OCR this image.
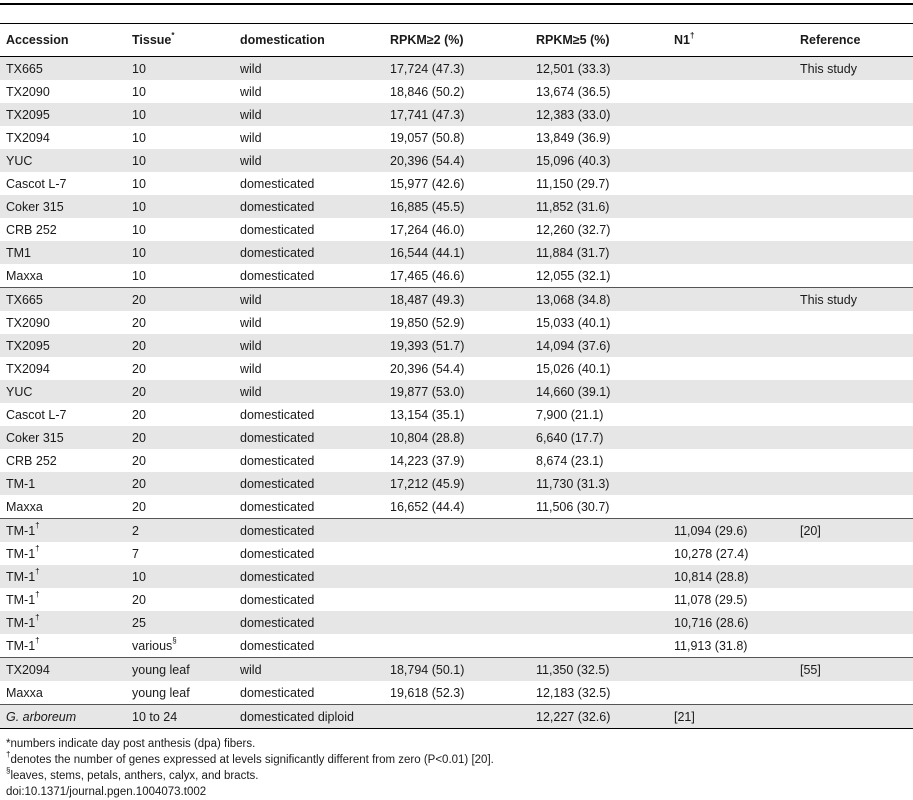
Accession	Tissue*	domestication	RPKM≥2 (%)	RPKM≥5 (%)	N1†	Reference
TX665	10	wild	17,724 (47.3)	12,501 (33.3)		This study
TX2090	10	wild	18,846 (50.2)	13,674 (36.5)		
TX2095	10	wild	17,741 (47.3)	12,383 (33.0)		
TX2094	10	wild	19,057 (50.8)	13,849 (36.9)		
YUC	10	wild	20,396 (54.4)	15,096 (40.3)		
Cascot L-7	10	domesticated	15,977 (42.6)	11,150 (29.7)		
Coker 315	10	domesticated	16,885 (45.5)	11,852 (31.6)		
CRB 252	10	domesticated	17,264 (46.0)	12,260 (32.7)		
TM1	10	domesticated	16,544 (44.1)	11,884 (31.7)		
Maxxa	10	domesticated	17,465 (46.6)	12,055 (32.1)		
TX665	20	wild	18,487 (49.3)	13,068 (34.8)		This study
TX2090	20	wild	19,850 (52.9)	15,033 (40.1)		
TX2095	20	wild	19,393 (51.7)	14,094 (37.6)		
TX2094	20	wild	20,396 (54.4)	15,026 (40.1)		
YUC	20	wild	19,877 (53.0)	14,660 (39.1)		
Cascot L-7	20	domesticated	13,154 (35.1)	7,900 (21.1)		
Coker 315	20	domesticated	10,804 (28.8)	6,640 (17.7)		
CRB 252	20	domesticated	14,223 (37.9)	8,674 (23.1)		
TM-1	20	domesticated	17,212 (45.9)	11,730 (31.3)		
Maxxa	20	domesticated	16,652 (44.4)	11,506 (30.7)		
TM-1†	2	domesticated			11,094 (29.6)	[20]
TM-1†	7	domesticated			10,278 (27.4)	
TM-1†	10	domesticated			10,814 (28.8)	
TM-1†	20	domesticated			11,078 (29.5)	
TM-1†	25	domesticated			10,716 (28.6)	
TM-1†	various§	domesticated			11,913 (31.8)	
TX2094	young leaf	wild	18,794 (50.1)	11,350 (32.5)		[55]
Maxxa	young leaf	domesticated	19,618 (52.3)	12,183 (32.5)		
G. arboreum	10 to 24	domesticated diploid		12,227 (32.6)	[21]	
*numbers indicate day post anthesis (dpa) fibers.
†denotes the number of genes expressed at levels significantly different from zero (P<0.01) [20].
§leaves, stems, petals, anthers, calyx, and bracts.
doi:10.1371/journal.pgen.1004073.t002
